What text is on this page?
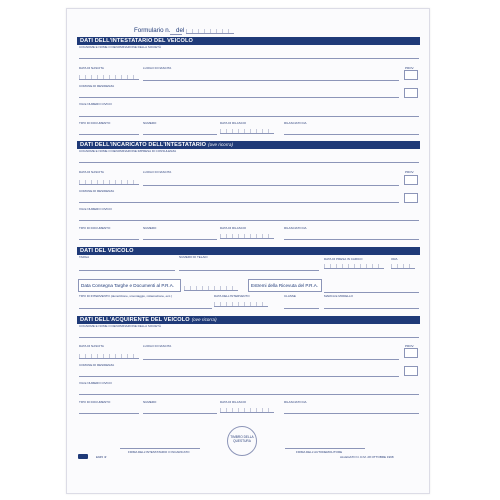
Formulario n. del
DATI DELL'INTESTATARIO DEL VEICOLO
COGNOME E NOME O DENOMINAZIONE DELLA SOCIETÀ
DATA DI NASCITA	LUOGO DI NASCITA	PROV.
COMUNE DI RESIDENZA
VIA E NUMERO CIVICO
TIPO DI DOCUMENTO	NUMERO	DATA DI RILASCIO	RILASCIATO DA
DATI DELL'INCARICATO DELL'INTESTATARIO (ove ricorra)
COGNOME E NOME O DENOMINAZIONE IMPRESA DI CONSULENZA
DATA DI NASCITA	LUOGO DI NASCITA	PROV.
COMUNE DI RESIDENZA
VIA E NUMERO CIVICO
TIPO DI DOCUMENTO	NUMERO	DATA DI RILASCIO	RILASCIATO DA
DATI DEL VEICOLO
TARGA	NUMERO DI TELAIO	DATA DI PRESA IN CARICO	ORA
Data Consegna Targhe e Documenti al P.R.A.	Estremi della Ricevuta del P.R.A.
TIPO DI INTERVENTO (demolizione, smontaggio, rottamazione, ecc.)	DATA DELL'INTERVENTO	CLASSE	MARCA E MODELLO
DATI DELL'ACQUIRENTE DEL VEICOLO (ove ricorra)
COGNOME E NOME O DENOMINAZIONE DELLA SOCIETÀ
DATA DI NASCITA	LUOGO DI NASCITA	PROV.
COMUNE DI RESIDENZA
VIA E NUMERO CIVICO
TIPO DI DOCUMENTO	NUMERO	DATA DI RILASCIO	RILASCIATO DA
FIRMA DELL'INTESTATARIO O INCARICATO
TIMBRO DELLA QUESTURA
FIRMA DELL'AUTODEMOLITORE
E945 rif	ALLEGATO N. D.M. 28 OTTOBRE 1998
